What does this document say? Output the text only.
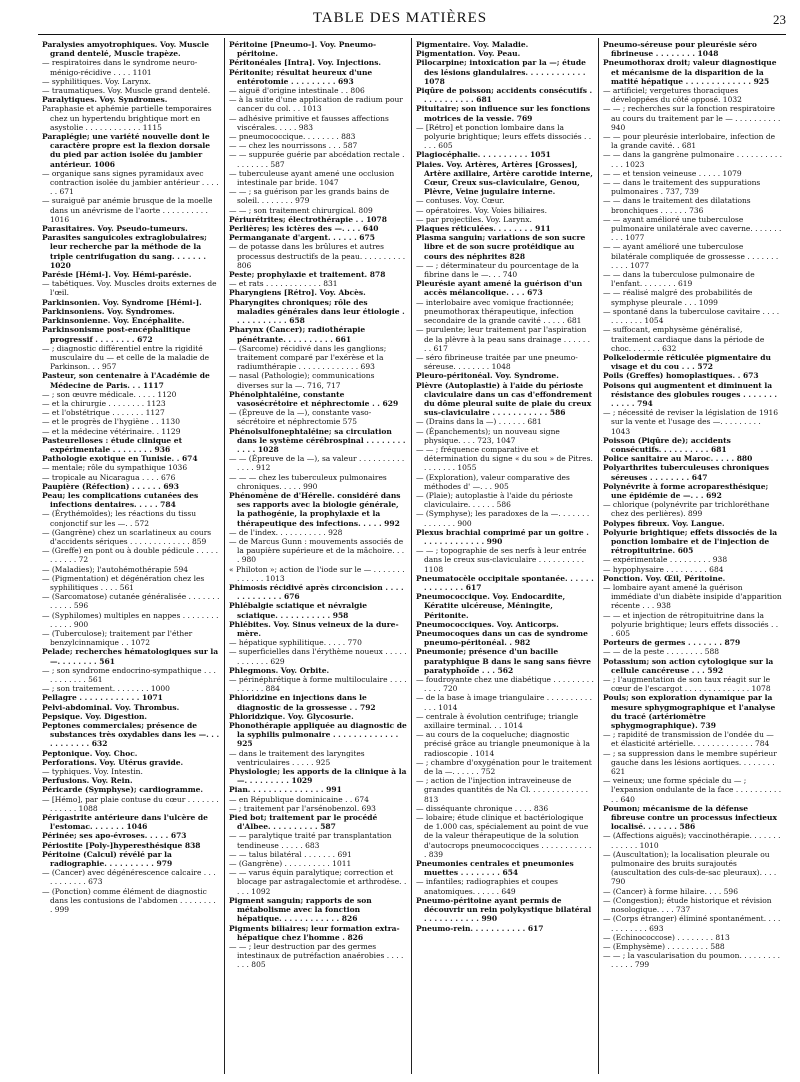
TABLE DES MATIÈRES	23
Paralysies amyotrophiques. Voy. Muscle grand dentelé, Muscle trapèze.
— respiratoires dans le syndrome neuro-ménigo-récidive . . . . 1101
— syphilitiques. Voy. Larynx.
— traumatiques. Voy. Muscle grand dentelé.
Paralytiques. Voy. Syndromes.
Paraphasie et aphémie partielle temporaires chez un hypertendu brightique mort en asystolie . . . . . . . . . . . . 1115
Paraplégie; une variété nouvelle dont le caractère propre est la flexion dorsale du pied par action isolée du jambier antérieur. 1006
— organique sans signes pyramidaux avec contraction isolée du jambier antérieur . . . . . . 671
— suraiguë par anémie brusque de la moelle dans un anévrisme de l'aorte . . . . . . . . . . 1016
Parasitaires. Voy. Pseudo-tumeurs.
Parasites sanguicoles extraglobulaires; leur recherche par la méthode de la triple centrifugation du sang. . . . . . . 1020
Parésie [Hémi-]. Voy. Hémi-parésie.
— tabétiques. Voy. Muscles droits externes de l'œil.
Parkinsonien. Voy. Syndrome [Hémi-].
Parkinsoniens. Voy. Syndromes.
Parkinsonienne. Voy. Encéphalite.
Parkinsonisme post-encéphalitique progressif . . . . . . . . 672
— ; diagnostic différentiel entre la rigidité musculaire du — et celle de la maladie de Parkinson. . . 957
Pasteur, son centenaire à l'Académie de Médecine de Paris. . . 1117
— ; son œuvre médicale. . . . . 1120
— et la chirurgie . . . . . . . . 1123
— et l'obstétrique . . . . . . . 1127
— et le progrès de l'hygiène . . 1130
— et la médecine vétérinaire. . 1129
Pasteurelloses : étude clinique et expérimentale . . . . . . . . 936
Pathologie exotique en Tunisie. . 674
— mentale; rôle du sympathique 1036
— tropicale au Nicaragua . . . . 676
Paupière (Réfection) . . . . . . 693
Peau; les complications cutanées des infections dentaires. . . . . 784
— (Érythémoïdes); les réactions du tissu conjonctif sur les —. . 572
— (Gangrène) chez un scarlatineux au cours d'accidents sériques . . . . . . . . . . . . . 859
— (Greffe) en pont ou à double pédicule . . . . . . . . . . . 72
— (Maladies); l'autohémothérapie 594
— (Pigmentation) et dégénération chez les syphilitiques . . . . 561
— (Sarcomatose) cutanée généralisée . . . . . . . . . . . . 596
— (Syphilomes) multiples en nappes . . . . . . . . . . . . . 900
— (Tuberculose); traitement par l'éther benzylcinnamique . . 1072
Pelade; recherches hématologiques sur la —. . . . . . . . 561
— ; son syndrome endocrino-sympathique . . . . . . . . . . . 561
— ; son traitement. . . . . . . . 1000
Pellagre . . . . . . . . . . . . 1071
Pelvi-abdominal. Voy. Thrombus.
Pepsique. Voy. Digestion.
Peptones commerciales; présence de substances très oxydables dans les —. . . . . . . . . . . 632
Peptonique. Voy. Choc.
Perforations. Voy. Utérus gravide.
— typhiques. Voy. Intestin.
Perfusions. Voy. Rein.
Péricarde (Symphyse); cardiogramme.
— [Hémo], par plaie contuse du cœur . . . . . . . . . . . . . 1088
Périgastrite antérieure dans l'ulcère de l'estomac. . . . . . . 1046
Périnée; ses apo-évroses. . . . . 673
Périostite [Poly-]hyperesthésique 838
Péritoine (Calcul) révélé par la radiographie. . . . . . . . . . 979
— (Cancer) avec dégénérescence calcaire . . . . . . . . . . . 673
— (Ponction) comme élément de diagnostic dans les contusions de l'abdomen . . . . . . . . . 999
Péritoine [Pneumo-]. Voy. Pneumo-péritoine.
Péritonéales [Intra]. Voy. Injections.
Péritonite; résultat heureux d'une entérotomie . . . . . . . . . 693
— aiguë d'origine intestinale . . 806
— à la suite d'une application de radium pour cancer du col. . . 1013
— adhésive primitive et fausses affections viscérales. . . . . 983
— pneumococcique. . . . . . . . 883
— — chez les nourrissons . . . 587
— — suppurée guérie par abcédation rectale . . . . . . . . 587
— tuberculeuse ayant amené une occlusion intestinale par bride. 1047
— — ; sa guérison par les grands bains de soleil. . . . . . . . 979
— — ; son traitement chirurgical. 809
Périurétrites; électrothérapie . . 1078
Perlières; les ictères des —. . . . 640
Permanganate d'argent. . . . . . 675
— de potasse dans les brûlures et autres processus destructifs de la peau. . . . . . . . . . 806
Peste; prophylaxie et traitement. 878
— et rats . . . . . . . . . . . . 831
Pharyngiens [Rétro]. Voy. Abcès.
Pharyngites chroniques; rôle des maladies générales dans leur étiologie . . . . . . . . . . . 658
Pharynx (Cancer); radiothérapie pénétrante. . . . . . . . . . 661
— (Sarcome) récidivé dans les ganglions; traitement comparé par l'exérèse et la radiumthérapie . . . . . . . . . . . . . 693
— nasal (Pathologie); communications diverses sur la —. 716, 717
Phénolphtaléine, constante vasosécrétoire et néphrectomie . . 629
— (Épreuve de la —), constante vaso-sécrétoire et néphrectomie 575
Phénolsulfonephtaléine; sa circulation dans le système cérébrospinal . . . . . . . . . . . . 1028
— — (Épreuve de la —), sa valeur . . . . . . . . . . . . . . 912
— — — chez les tuberculeux pulmonaires chroniques. . . . . 990
Phénomène de d'Hérelle. considéré dans ses rapports avec la biologie générale, la pathogénie, la prophylaxie et la thérapeutique des infections. . . . . 992
— de l'index. . . . . . . . . . . 928
— de Marcus Gunn : mouvements associés de la paupière supérieure et de la mâchoire. . . . 980
« Philoton »; action de l'iode sur le — . . . . . . . . . . . . . 1013
Phimosis récidivé après circoncision . . . . . . . . . . . . . 676
Phlébalgie sciatique et névralgie sciatique. . . . . . . . . . . 958
Phlébites. Voy. Sinus veineux de la dure-mère.
— hépatique syphilitique. . . . . 770
— superficielles dans l'érythème noueux . . . . . . . . . . . . 629
Phlegmons. Voy. Orbite.
— périnéphrétique à forme multiloculaire . . . . . . . . . . 884
Phloridzine en injections dans le diagnostic de la grossesse . . 792
Phloridzique. Voy. Glycosurie.
Phonothérapie appliquée au diagnostic de la syphilis pulmonaire . . . . . . . . . . . . . 925
— dans le traitement des laryngites ventriculaires . . . . . 925
Physiologie; les apports de la clinique à la —. . . . . . . . . 1029
Pian. . . . . . . . . . . . . . . 991
— en République dominicaine . . 674
— ; traitement par l'arsénobenzol. 693
Pied bot; traitement par le procédé d'Albee. . . . . . . . . . 587
— — paralytique traité par transplantation tendineuse . . . . . 683
— — talus bilatéral . . . . . . . 691
— (Gangrène) . . . . . . . . . . 1011
— — varus équin paralytique; correction et blocage par astragalectomie et arthrodèse. . . . . 1092
Pigment sanguin; rapports de son métabolisme avec la fonction hépatique. . . . . . . . . . . . 826
Pigments biliaires; leur formation extra-hépatique chez l'homme . 826
— — ; leur destruction par des germes intestinaux de putréfaction anaérobies . . . . . . . 805
Pigmentaire. Voy. Maladie.
Pigmentation. Voy. Peau.
Pilocarpine; intoxication par la —; étude des lésions glandulaires. . . . . . . . . . . . 1078
Piqûre de poisson; accidents consécutifs . . . . . . . . . . . 681
Pituitaire; son influence sur les fonctions motrices de la vessie. 769
— [Rétro] et ponction lombaire dans la polyurie brightique; leurs effets dissociés . . . . . 605
Plagiocéphalie. . . . . . . . . . 1051
Plaies. Voy. Artères, Artères [Grosses], Artère axillaire, Artère carotide interne, Cœur, Creux sus-claviculaire, Genou, Plèvre, Veine jugulaire interne.
— contuses. Voy. Cœur.
— opératoires. Voy. Voies biliaires.
— par projectiles. Voy. Larynx.
Plaques réticulées. . . . . . . . 911
Plasma sanguin; variations de son sucre libre et de son sucre protéidique au cours des néphrites 828
— — ; déterminateur du pourcentage de la fibrine dans le —. . . 740
Pleurésie ayant amené la guérison d'un accès mélancolique. . . . 673
— interlobaire avec vomique fractionnée; pneumothorax thérapeutique, infection secondaire de la grande cavité . . . . . 681
— purulente; leur traitement par l'aspiration de la plèvre à la peau sans drainage . . . . . . . . 617
— séro fibrineuse traitée par une pneumo-séreuse. . . . . . . . 1048
Pleuro-péritonéal. Voy. Syndrome.
Plèvre (Autoplastie) à l'aide du périoste claviculaire dans un cas d'effondrement du dôme pleural suite de plaie du creux sus-claviculaire . . . . . . . . . . . 586
— (Drains dans la —) . . . . . . 681
— (Épanchements); un nouveau signe physique. . . . 723, 1047
— — ; fréquence comparative et détermination du signe « du sou » de Pitres. . . . . . . . 1055
— (Exploration), valeur comparative des méthodes d' —. . . 905
— (Plaie); autoplastie à l'aide du périoste claviculaire. . . . . . 586
— (Symphyse); les paradoxes de la —. . . . . . . . . . . . . . 900
Plexus brachial comprimé par un goitre . . . . . . . . . . . . . 990
— — ; topographie de ses nerfs à leur entrée dans le creux sus-claviculaire . . . . . . . . . . 1108
Pneumatocèle occipitale spontanée. . . . . . . . . . . . . . 617
Pneumococcique. Voy. Endocardite, Kératite ulcéreuse, Méningite, Péritonite.
Pneumococciques. Voy. Anticorps.
Pneumocoques dans un cas de syndrome pneumo-péritonéal. . 982
Pneumonie; présence d'un bacille paratyphique B dans le sang sans fièvre paratyphoïde . . . 562
— foudroyante chez une diabétique . . . . . . . . . . . . . 720
— de la base à image triangulaire . . . . . . . . . . . . . 1014
— centrale à évolution centrifuge; triangle axillaire terminal. . . 1014
— au cours de la coqueluche; diagnostic précisé grâce au triangle pneumonique à la radioscopie . 1014
— ; chambre d'oxygénation pour le traitement de la —. . . . . . 752
— ; action de l'injection intraveineuse de grandes quantités de Na Cl. . . . . . . . . . . . . 813
— disséquante chronique . . . . 836
— lobaire; étude clinique et bactériologique de 1.000 cas, spécialement au point de vue de la valeur thérapeutique de la solution d'autocrops pneumococciques . . . . . . . . . . . . 839
Pneumonies centrales et pneumonies muettes . . . . . . . . 654
— infantiles; radiographies et coupes anatomiques. . . . . . 649
Pneumo-péritoine ayant permis de découvrir un rein polykystique bilatéral . . . . . . . . . . . 990
Pneumo-rein. . . . . . . . . . . 617
Pneumo-séreuse pour pleurésie séro fibrineuse . . . . . . . . 1048
Pneumothorax droit; valeur diagnostique et mécanisme de la disparition de la matité hépatique . . . . . . . . . . . . . 925
— artificiel; vergetures thoraciques développées du côté opposé. 1032
— — ; recherches sur la fonction respiratoire au cours du traitement par le — . . . . . . . . . . 940
— — pour pleurésie interlobaire, infection de la grande cavité. . 681
— — dans la gangrène pulmonaire . . . . . . . . . . . . . 1023
— — et tension veineuse . . . . . 1079
— — dans le traitement des suppurations pulmonaires . 737, 739
— — dans le traitement des dilatations bronchiques . . . . . . 736
— — ayant amélioré une tuberculose pulmonaire unilatérale avec caverne. . . . . . . . . . 1077
— — ayant amélioré une tuberculose bilatérale compliquée de grossesse . . . . . . . . . . . 1077
— — dans la tuberculose pulmonaire de l'enfant. . . . . . . . 619
— — réalisé malgré des probabilités de symphyse pleurale . . . 1099
— spontané dans la tuberculose cavitaire . . . . . . . . . . . 1054
— suffocant, emphysème généralisé, traitement cardiaque dans la période de choc. . . . . . . 632
Polkelodermie réticulée pigmentaire du visage et du cou . . . 572
Poils (Greffes) homoplastiques. . 673
Poisons qui augmentent et diminuent la résistance des globules rouges . . . . . . . . . . . . 794
— ; nécessité de reviser la législation de 1916 sur la vente et l'usage des —. . . . . . . . . 1043
Poisson (Piqûre de); accidents consécutifs. . . . . . . . . . 681
Police sanitaire au Maroc. . . . . 880
Polyarthrites tuberculeuses chroniques séreuses . . . . . . . . 647
Polynévrite à forme acroparesthésique; une épidémie de —. . . 692
— chlorique (polynévrite par trichloréthane chez des perlières). 899
Polypes fibreux. Voy. Langue.
Polyurie brightique; effets dissociés de la ponction lombaire et de l'injection de rétropituitrine. 605
— expérimentale . . . . . . . . . 938
— hypophysaire . . . . . . . . . 684
Ponction. Voy. Œil, Péritoine.
— lombaire ayant amené la guérison immédiate d'un diabète insipide d'apparition récente . . . 938
— — et injection de rétropituitrine dans la polyurie brightique; leurs effets dissociés . . . 605
Porteurs de germes . . . . . . . 879
— — de la peste . . . . . . . . 588
Potassium; son action cytologique sur la cellule cancéreuse . . . 592
— ; l'augmentation de son taux réagit sur le cœur de l'escargot . . . . . . . . . . . . . . 1078
Pouls; son exploration dynamique par la mesure sphygmographique et l'analyse du tracé (artériomètre sphygmographique). 739
— ; rapidité de transmission de l'ondée du — et élasticité artérielle. . . . . . . . . . . . . 784
— ; sa suppression dans le membre supérieur gauche dans les lésions aortiques. . . . . . . . 621
— veineux; une forme spéciale du — ; l'expansion ondulante de la face . . . . . . . . . . . . 640
Poumon; mécanisme de la défense fibreuse contre un processus infectieux localisé. . . . . . . 586
— (Affections aiguës); vaccinothérapie. . . . . . . . . . . . . 1010
— (Auscultation); la localisation pleurale ou pulmonaire des bruits surajoutés (auscultation des culs-de-sac pleuraux). . . . 790
— (Cancer) à forme hilaire. . . . 596
— (Congestion); étude historique et révision nosologique. . . . 737
— (Corps étranger) éliminé spontanément. . . . . . . . . . . . 693
— (Echinococcose) . . . . . . . . 813
— (Emphysème) . . . . . . . . . 588
— — ; la vascularisation du poumon. . . . . . . . . . . . . . 799
